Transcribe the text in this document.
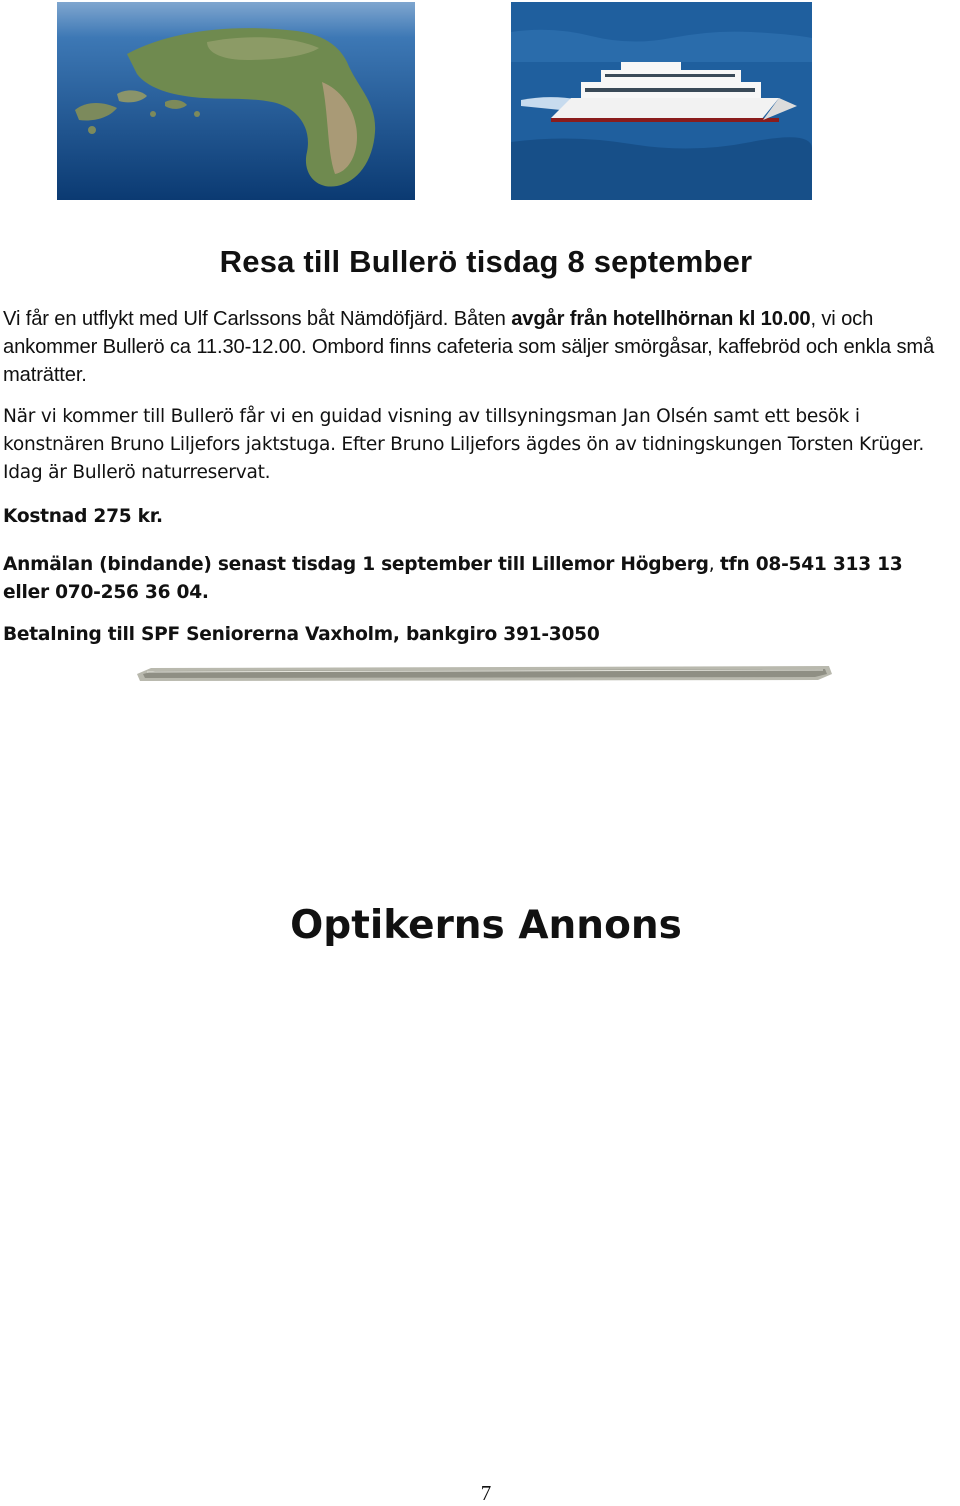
Resa till Bullerö tisdag 8 september

Vi får en utflykt med Ulf Carlssons båt Nämdöfjärd. Båten avgår från hotellhörnan kl 10.00, vi och ankommer Bullerö ca 11.30-12.00. Ombord finns cafeteria som säljer smörgåsar, kaffebröd och enkla små maträtter.

När vi kommer till Bullerö får vi en guidad visning av tillsyningsman Jan Olsén samt ett besök i konstnären Bruno Liljefors jaktstuga. Efter Bruno Liljefors ägdes ön av tidningskungen Torsten Krüger. Idag är Bullerö naturreservat.

Kostnad 275 kr.

Anmälan (bindande) senast tisdag 1 september till Lillemor Högberg, tfn 08-541 313 13 eller 070-256 36 04.

Betalning till SPF Seniorerna Vaxholm, bankgiro 391-3050

Optikerns Annons
7
